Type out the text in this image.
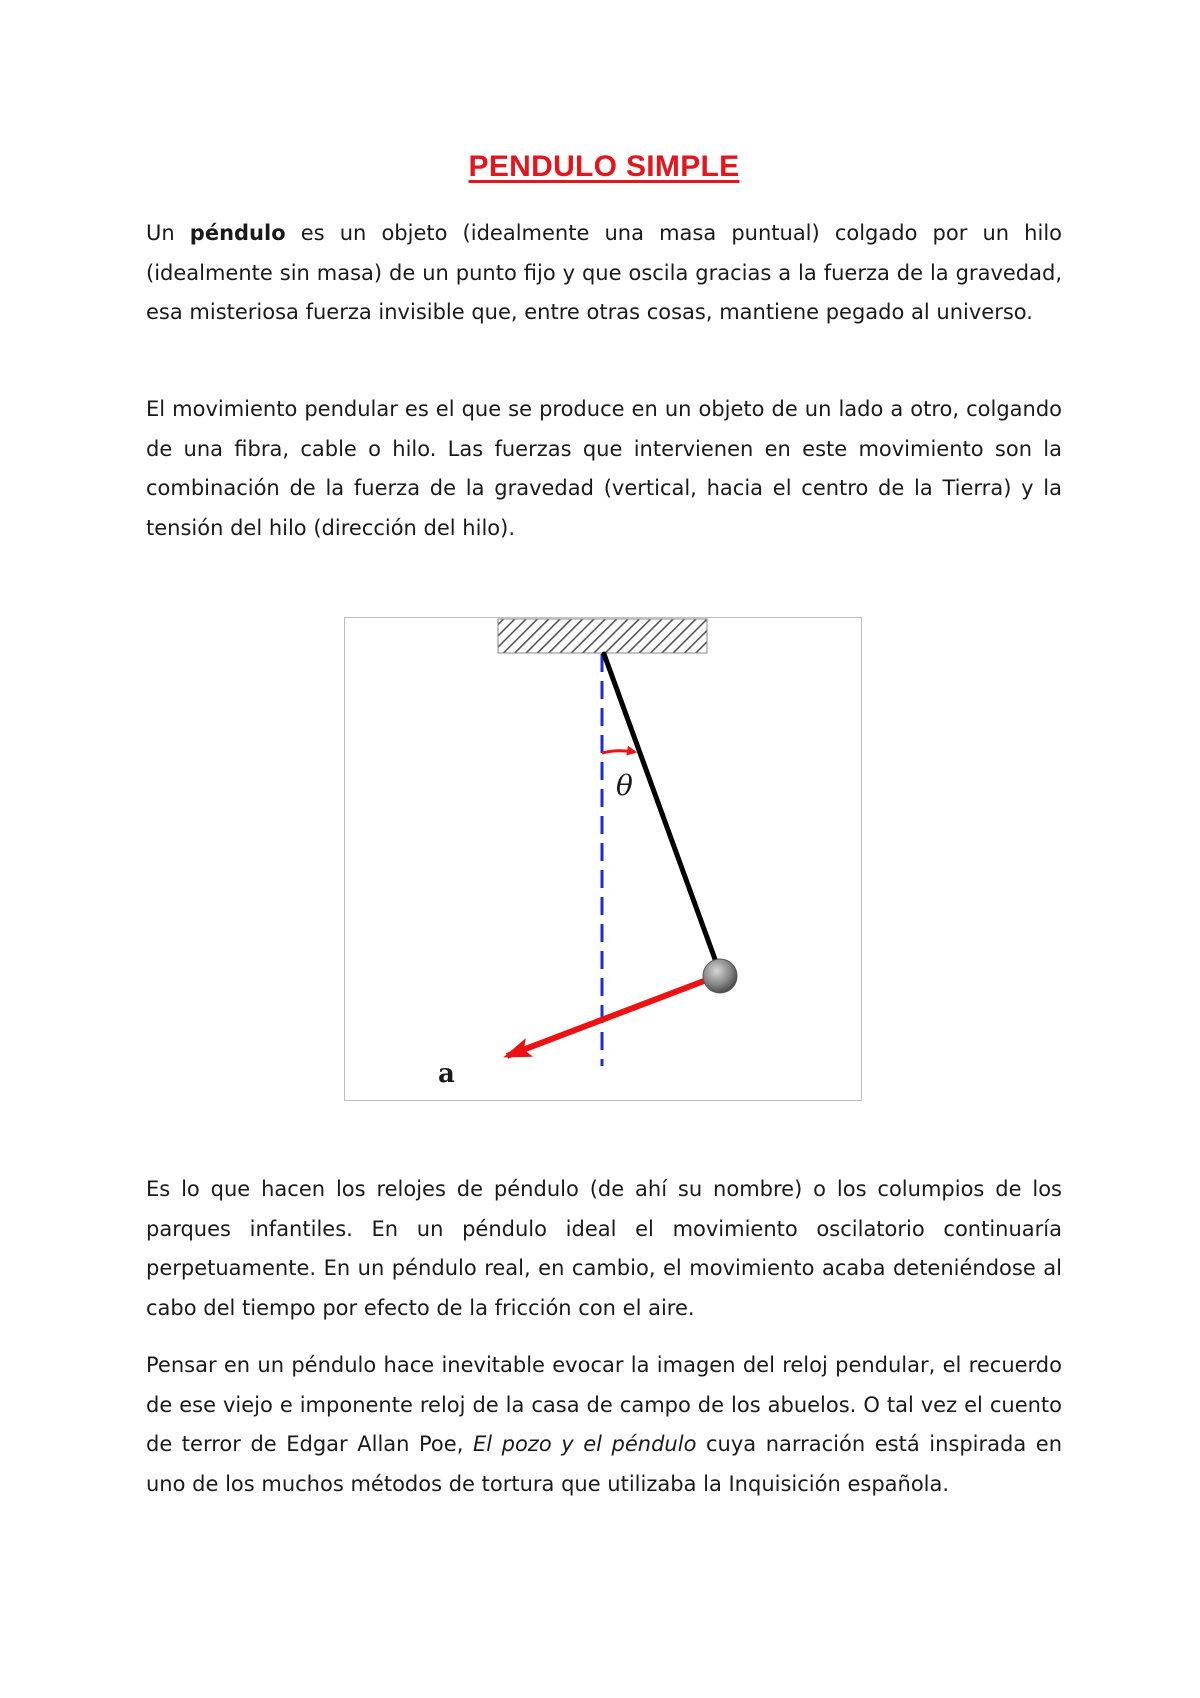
PENDULO SIMPLE

Un péndulo es un objeto (idealmente una masa puntual) colgado por un hilo (idealmente sin masa) de un punto fijo y que oscila gracias a la fuerza de la gravedad, esa misteriosa fuerza invisible que, entre otras cosas, mantiene pegado al universo.

El movimiento pendular es el que se produce en un objeto de un lado a otro, colgando de una fibra, cable o hilo. Las fuerzas que intervienen en este movimiento son la combinación de la fuerza de la gravedad (vertical, hacia el centro de la Tierra) y la tensión del hilo (dirección del hilo).

θ
a

Es lo que hacen los relojes de péndulo (de ahí su nombre) o los columpios de los parques infantiles. En un péndulo ideal el movimiento oscilatorio continuaría perpetuamente. En un péndulo real, en cambio, el movimiento acaba deteniéndose al cabo del tiempo por efecto de la fricción con el aire.

Pensar en un péndulo hace inevitable evocar la imagen del reloj pendular, el recuerdo de ese viejo e imponente reloj de la casa de campo de los abuelos. O tal vez el cuento de terror de Edgar Allan Poe, El pozo y el péndulo cuya narración está inspirada en uno de los muchos métodos de tortura que utilizaba la Inquisición española.
